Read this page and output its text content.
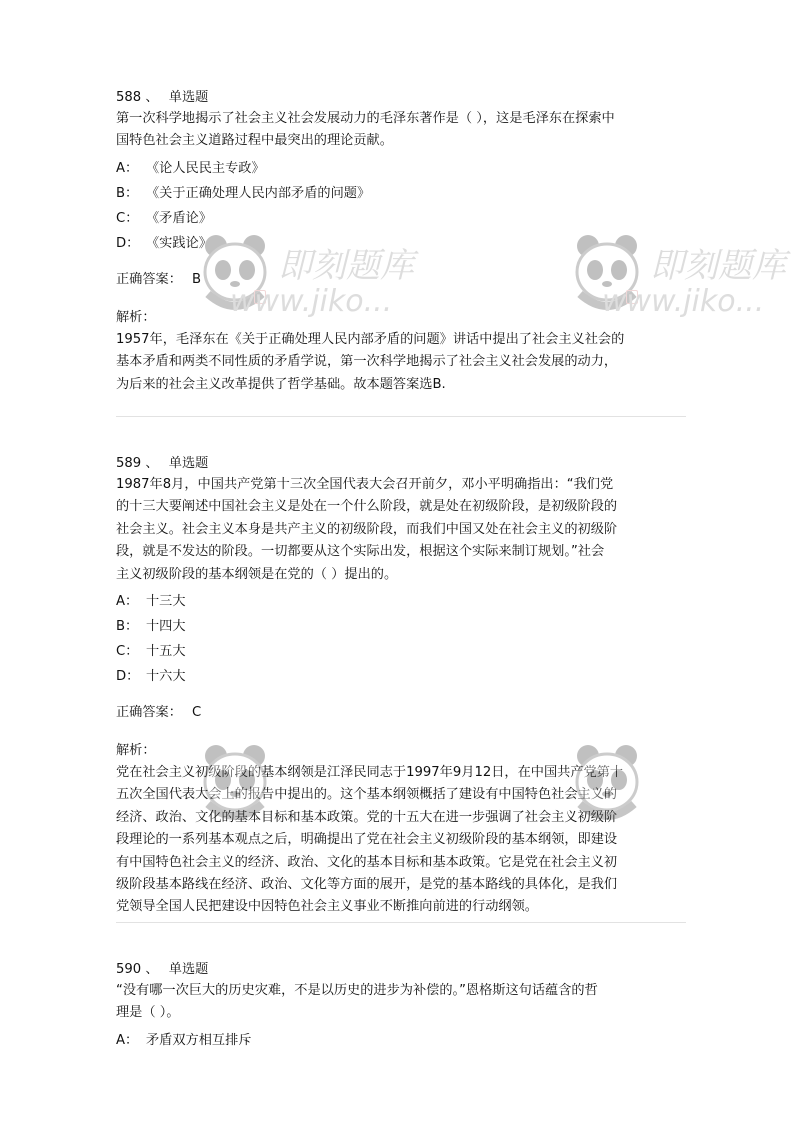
588 、 单选题
第一次科学地揭示了社会主义社会发展动力的毛泽东著作是（ ），这是毛泽东在探索中
国特色社会主义道路过程中最突出的理论贡献。
A： 《论人民民主专政》
B： 《关于正确处理人民内部矛盾的问题》
C： 《矛盾论》
D： 《实践论》
正确答案： B
解析：
1957年，毛泽东在《关于正确处理人民内部矛盾的问题》讲话中提出了社会主义社会的
基本矛盾和两类不同性质的矛盾学说，第一次科学地揭示了社会主义社会发展的动力，
为后来的社会主义改革提供了哲学基础。故本题答案选B.
589 、 单选题
1987年8月，中国共产党第十三次全国代表大会召开前夕，邓小平明确指出：“我们党
的十三大要阐述中国社会主义是处在一个什么阶段，就是处在初级阶段，是初级阶段的
社会主义。社会主义本身是共产主义的初级阶段，而我们中国又处在社会主义的初级阶
段，就是不发达的阶段。一切都要从这个实际出发，根据这个实际来制订规划。”社会
主义初级阶段的基本纲领是在党的（ ）提出的。
A： 十三大
B： 十四大
C： 十五大
D： 十六大
正确答案： C
解析：
党在社会主义初级阶段的基本纲领是江泽民同志于1997年9月12日，在中国共产党第十
五次全国代表大会上的报告中提出的。这个基本纲领概括了建设有中国特色社会主义的
经济、政治、文化的基本目标和基本政策。党的十五大在进一步强调了社会主义初级阶
段理论的一系列基本观点之后，明确提出了党在社会主义初级阶段的基本纲领，即建设
有中国特色社会主义的经济、政治、文化的基本目标和基本政策。它是党在社会主义初
级阶段基本路线在经济、政治、文化等方面的展开，是党的基本路线的具体化，是我们
党领导全国人民把建设中因特色社会主义事业不断推向前进的行动纲领。
590 、 单选题
“没有哪一次巨大的历史灾难，不是以历史的进步为补偿的。”恩格斯这句话蕴含的哲
理是（ ）。
A： 矛盾双方相互排斥
即刻题库
www.jiko...
即刻题库
www.jiko...
